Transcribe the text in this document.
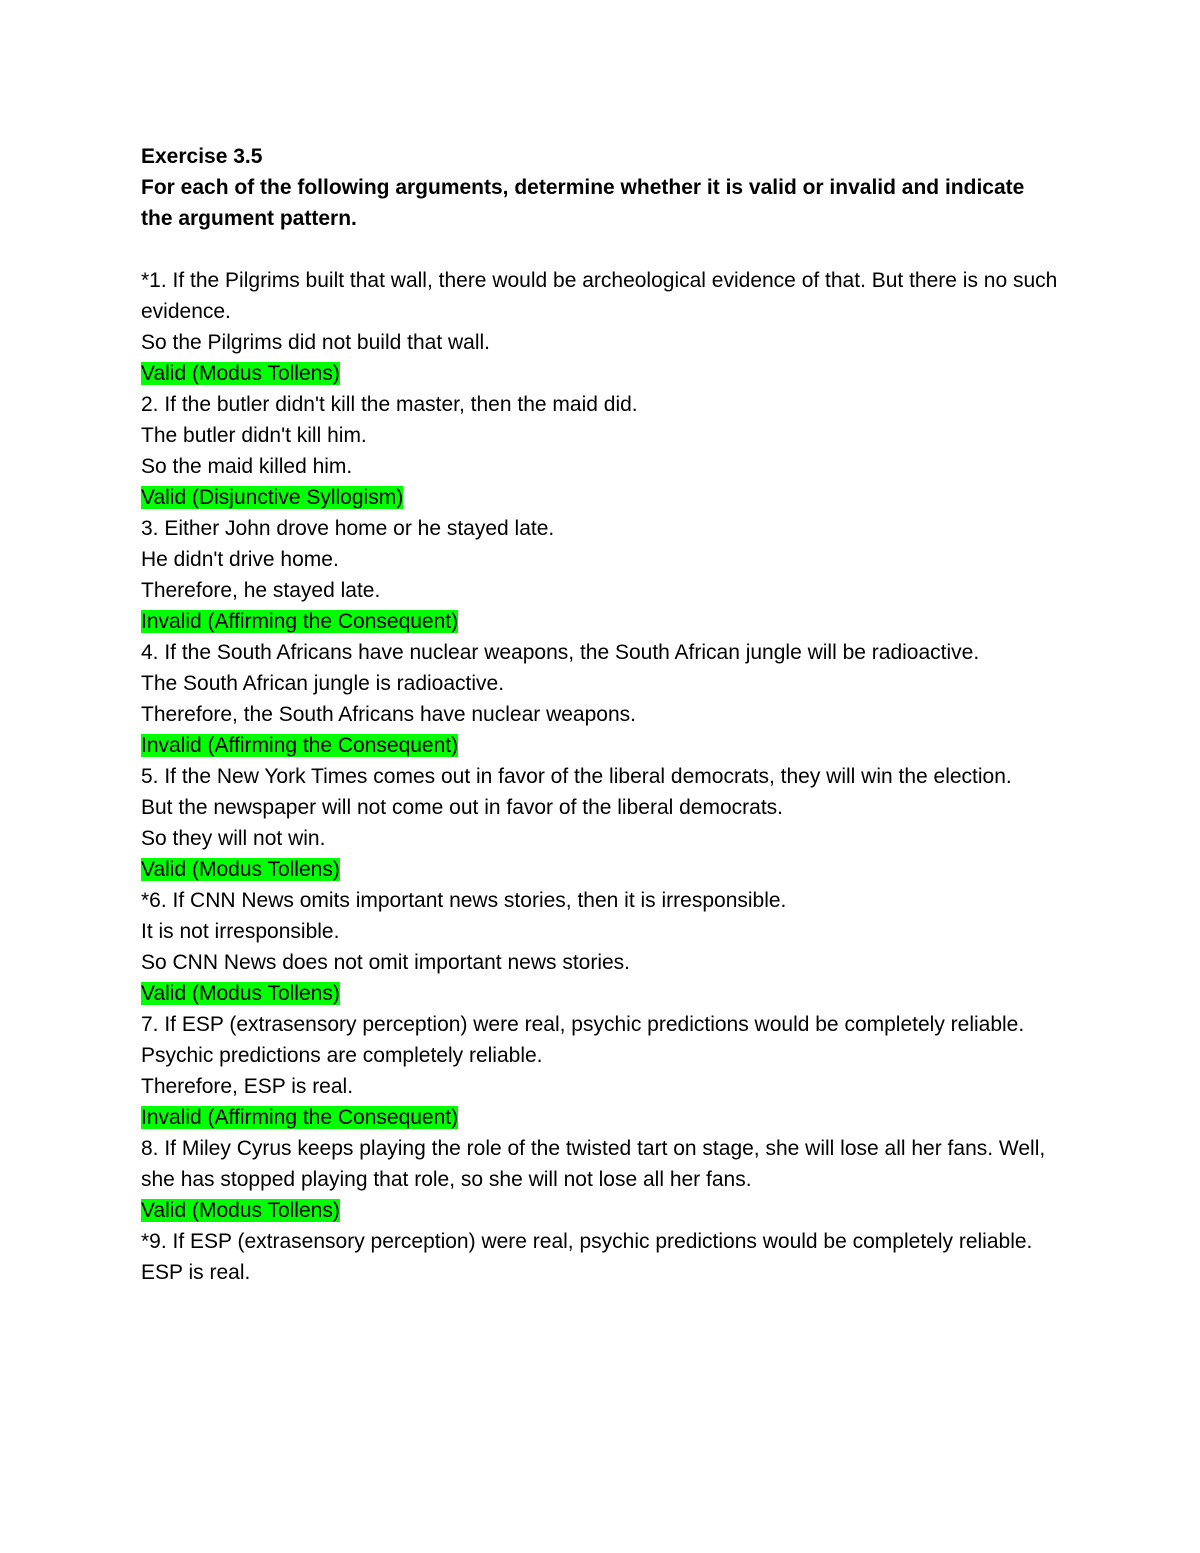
Exercise 3.5

For each of the following arguments, determine whether it is valid or invalid and indicate the argument pattern.

*1. If the Pilgrims built that wall, there would be archeological evidence of that. But there is no such evidence.

So the Pilgrims did not build that wall.

Valid (Modus Tollens)

2. If the butler didn't kill the master, then the maid did.

The butler didn't kill him.

So the maid killed him.

Valid (Disjunctive Syllogism)

3. Either John drove home or he stayed late.

He didn't drive home.

Therefore, he stayed late.

Invalid (Affirming the Consequent)

4. If the South Africans have nuclear weapons, the South African jungle will be radioactive.

The South African jungle is radioactive.

Therefore, the South Africans have nuclear weapons.

Invalid (Affirming the Consequent)

5. If the New York Times comes out in favor of the liberal democrats, they will win the election.

But the newspaper will not come out in favor of the liberal democrats.

So they will not win.

Valid (Modus Tollens)

*6. If CNN News omits important news stories, then it is irresponsible.

It is not irresponsible.

So CNN News does not omit important news stories.

Valid (Modus Tollens)

7. If ESP (extrasensory perception) were real, psychic predictions would be completely reliable.

Psychic predictions are completely reliable.

Therefore, ESP is real.

Invalid (Affirming the Consequent)

8. If Miley Cyrus keeps playing the role of the twisted tart on stage, she will lose all her fans. Well, she has stopped playing that role, so she will not lose all her fans.

Valid (Modus Tollens)

*9. If ESP (extrasensory perception) were real, psychic predictions would be completely reliable.

ESP is real.
